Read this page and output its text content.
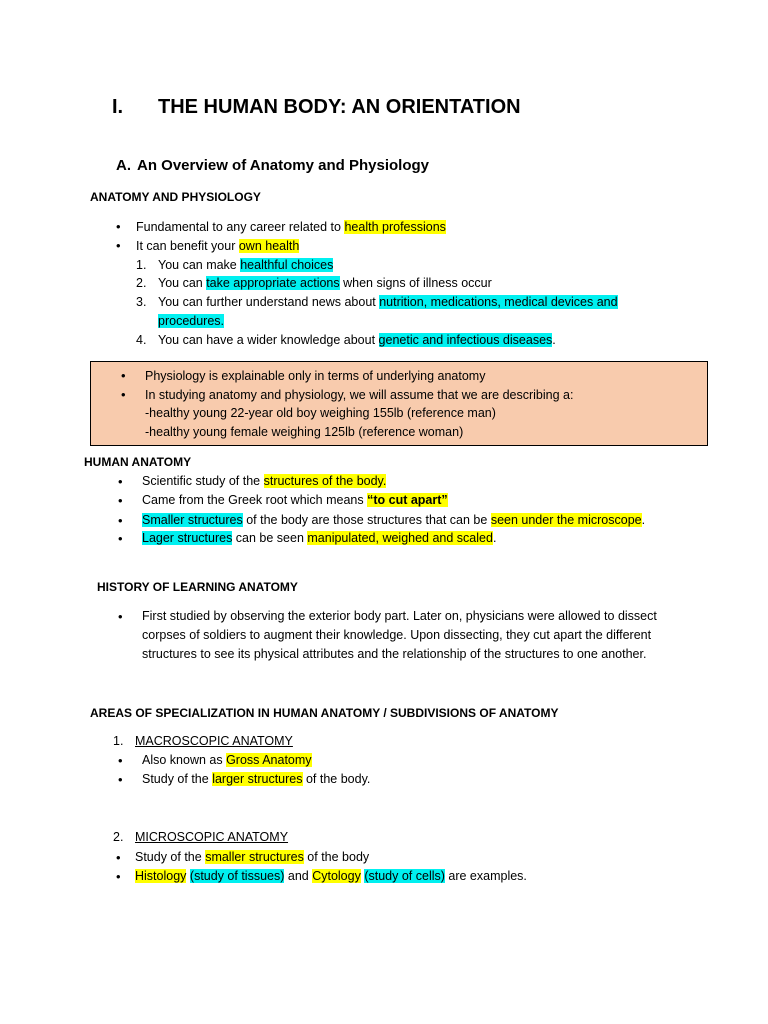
I. THE HUMAN BODY: AN ORIENTATION
A. An Overview of Anatomy and Physiology
ANATOMY AND PHYSIOLOGY
• Fundamental to any career related to health professions
• It can benefit your own health
1. You can make healthful choices
2. You can take appropriate actions when signs of illness occur
3. You can further understand news about nutrition, medications, medical devices and
procedures.
4. You can have a wider knowledge about genetic and infectious diseases.
• Physiology is explainable only in terms of underlying anatomy
• In studying anatomy and physiology, we will assume that we are describing a:
-healthy young 22-year old boy weighing 155lb (reference man)
-healthy young female weighing 125lb (reference woman)
HUMAN ANATOMY
• Scientific study of the structures of the body.
• Came from the Greek root which means “to cut apart”
• Smaller structures of the body are those structures that can be seen under the microscope.
• Lager structures can be seen manipulated, weighed and scaled.
HISTORY OF LEARNING ANATOMY
• First studied by observing the exterior body part. Later on, physicians were allowed to dissect
corpses of soldiers to augment their knowledge. Upon dissecting, they cut apart the different
structures to see its physical attributes and the relationship of the structures to one another.
AREAS OF SPECIALIZATION IN HUMAN ANATOMY / SUBDIVISIONS OF ANATOMY
1. MACROSCOPIC ANATOMY
• Also known as Gross Anatomy
• Study of the larger structures of the body.
2. MICROSCOPIC ANATOMY
• Study of the smaller structures of the body
• Histology (study of tissues) and Cytology (study of cells) are examples.
